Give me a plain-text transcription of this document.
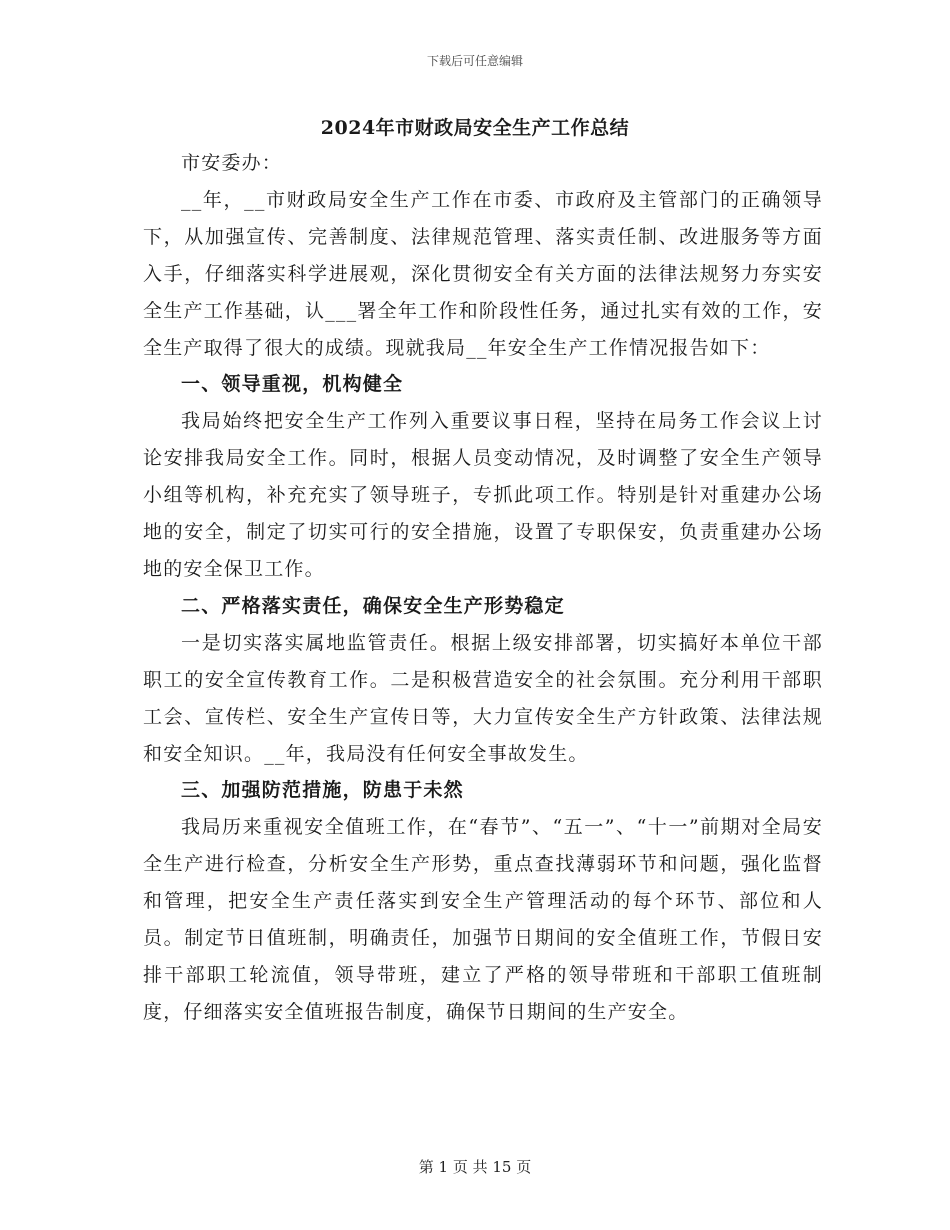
下载后可任意编辑
2024年市财政局安全生产工作总结

市安委办：

__年，__市财政局安全生产工作在市委、市政府及主管部门的正确领导下，从加强宣传、完善制度、法律规范管理、落实责任制、改进服务等方面入手，仔细落实科学进展观，深化贯彻安全有关方面的法律法规努力夯实安全生产工作基础，认___署全年工作和阶段性任务，通过扎实有效的工作，安全生产取得了很大的成绩。现就我局__年安全生产工作情况报告如下：

一、领导重视，机构健全

我局始终把安全生产工作列入重要议事日程，坚持在局务工作会议上讨论安排我局安全工作。同时，根据人员变动情况，及时调整了安全生产领导小组等机构，补充充实了领导班子，专抓此项工作。特别是针对重建办公场地的安全，制定了切实可行的安全措施，设置了专职保安，负责重建办公场地的安全保卫工作。

二、严格落实责任，确保安全生产形势稳定

一是切实落实属地监管责任。根据上级安排部署，切实搞好本单位干部职工的安全宣传教育工作。二是积极营造安全的社会氛围。充分利用干部职工会、宣传栏、安全生产宣传日等，大力宣传安全生产方针政策、法律法规和安全知识。__年，我局没有任何安全事故发生。

三、加强防范措施，防患于未然

我局历来重视安全值班工作，在“春节”、“五一”、“十一”前期对全局安全生产进行检查，分析安全生产形势，重点查找薄弱环节和问题，强化监督和管理，把安全生产责任落实到安全生产管理活动的每个环节、部位和人员。制定节日值班制，明确责任，加强节日期间的安全值班工作，节假日安排干部职工轮流值，领导带班，建立了严格的领导带班和干部职工值班制度，仔细落实安全值班报告制度，确保节日期间的生产安全。

第 1 页 共 15 页
